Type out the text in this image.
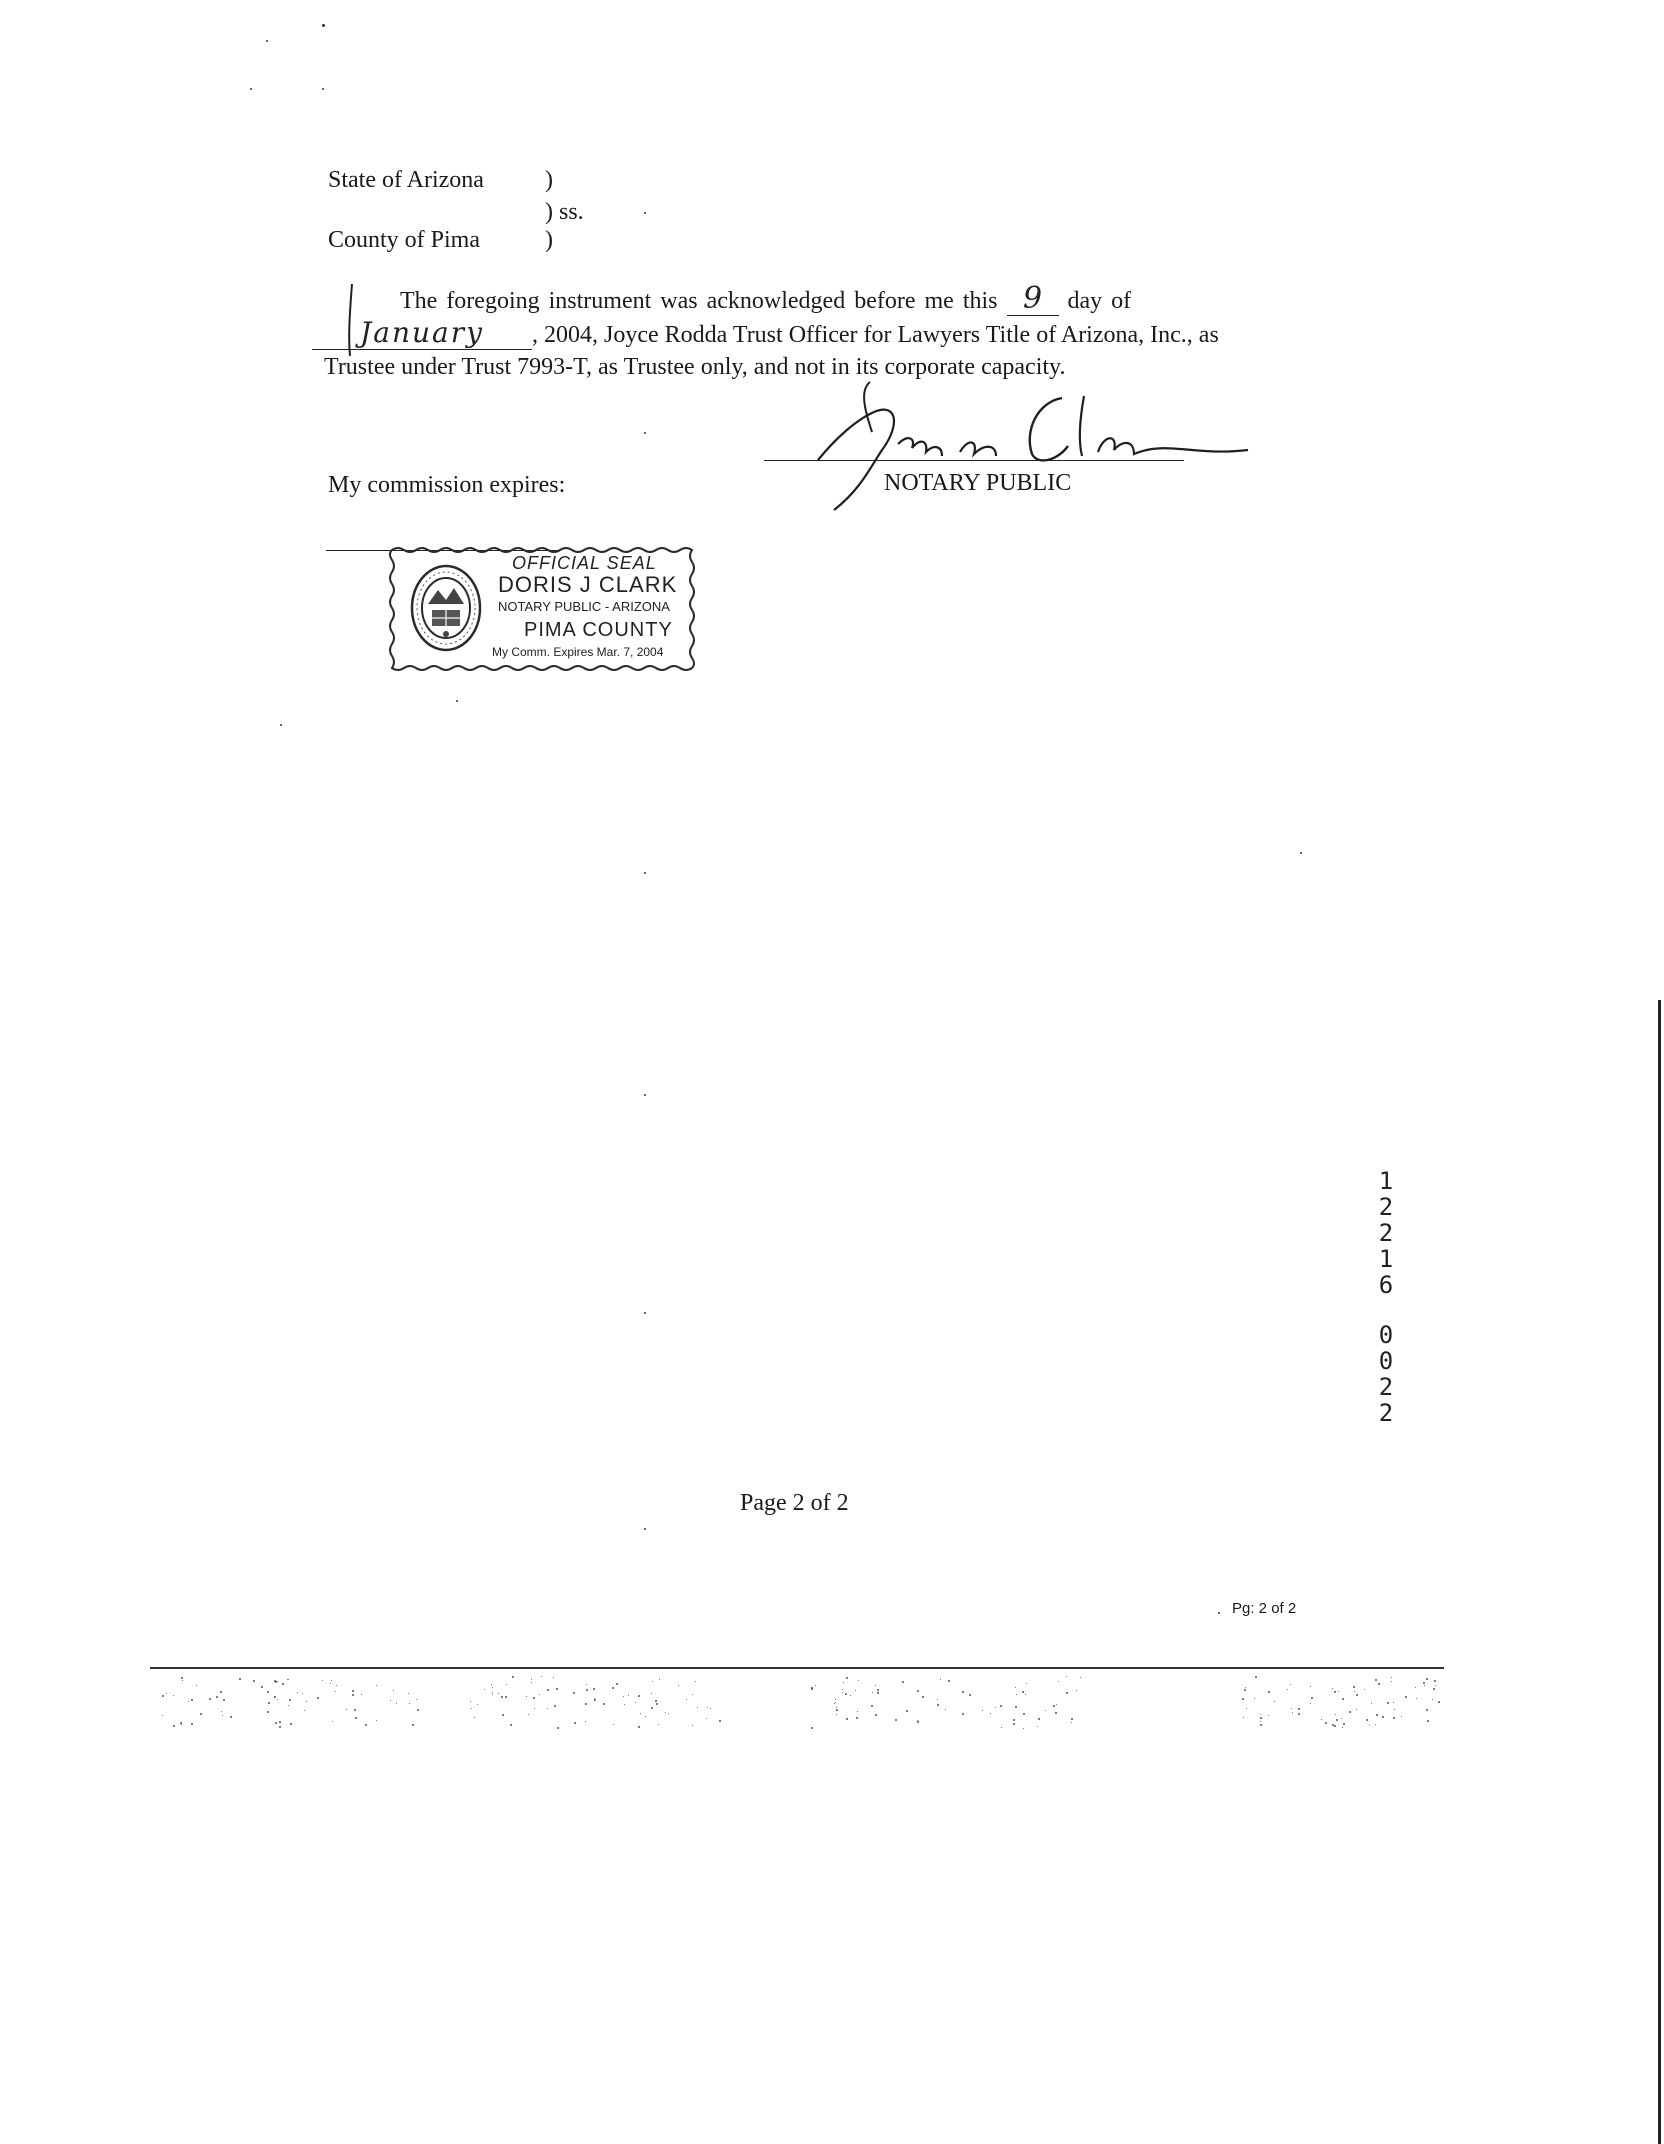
State of Arizona	)
) ss.
County of Pima	)
The foregoing instrument was acknowledged before me this 9 day of
January , 2004, Joyce Rodda Trust Officer for Lawyers Title of Arizona, Inc., as
Trustee under Trust 7993-T, as Trustee only, and not in its corporate capacity.
My commission expires:	NOTARY PUBLIC
OFFICIAL SEAL
DORIS J CLARK
NOTARY PUBLIC - ARIZONA
PIMA COUNTY
My Comm. Expires Mar. 7, 2004
1
2
2
1
6
0
0
2
2
Page 2 of 2
Pg: 2 of 2
